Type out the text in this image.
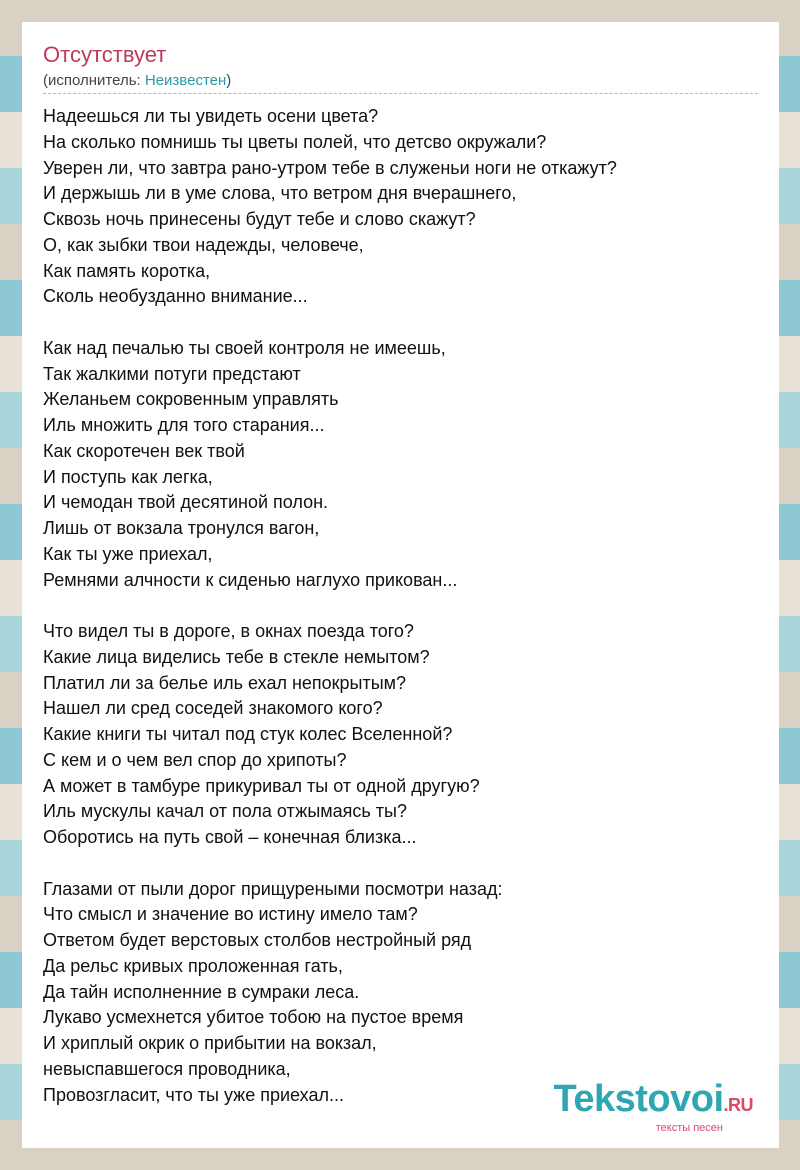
Отсутствует
(исполнитель: Неизвестен)

Надеешься ли ты увидеть осени цвета?
На сколько помнишь ты цветы полей, что детсво окружали?
Уверен ли, что завтра рано-утром тебе в служеньи ноги не откажут?
И держышь ли в уме слова, что ветром дня вчерашнего,
Сквозь ночь принесены будут тебе и слово скажут?
О, как зыбки твои надежды, человече,
Как память коротка,
Сколь необузданно внимание...

Как над печалью ты своей контроля не имеешь,
Так жалкими потуги предстают
Желаньем сокровенным управлять
Иль множить для того старания...
Как скоротечен век твой
И поступь как легка,
И чемодан твой десятиной полон.
Лишь от вокзала тронулся вагон,
Как ты уже приехал,
Ремнями алчности к сиденью наглухо прикован...

Что видел ты в дороге, в окнах поезда того?
Какие лица виделись тебе в стекле немытом?
Платил ли за белье иль ехал непокрытым?
Нашел ли сред соседей знакомого кого?
Какие книги ты читал под стук колес Вселенной?
С кем и о чем вел спор до хрипоты?
А может в тамбуре прикуривал ты от одной другую?
Иль мускулы качал от пола отжымаясь ты?
Оборотись на путь свой – конечная близка...

Глазами от пыли дорог прищуреными посмотри назад:
Что смысл и значение во истину имело там?
Ответом будет верстовых столбов нестройный ряд
Да рельс кривых проложенная гать,
Да тайн исполненние в сумраки леса.
Лукаво усмехнется убитое тобою на пустое время
И хриплый окрик о прибытии на вокзал,
невыспавшегося проводника,
Провозгласит, что ты уже приехал...	Tekstovoi.RU
тексты песен
